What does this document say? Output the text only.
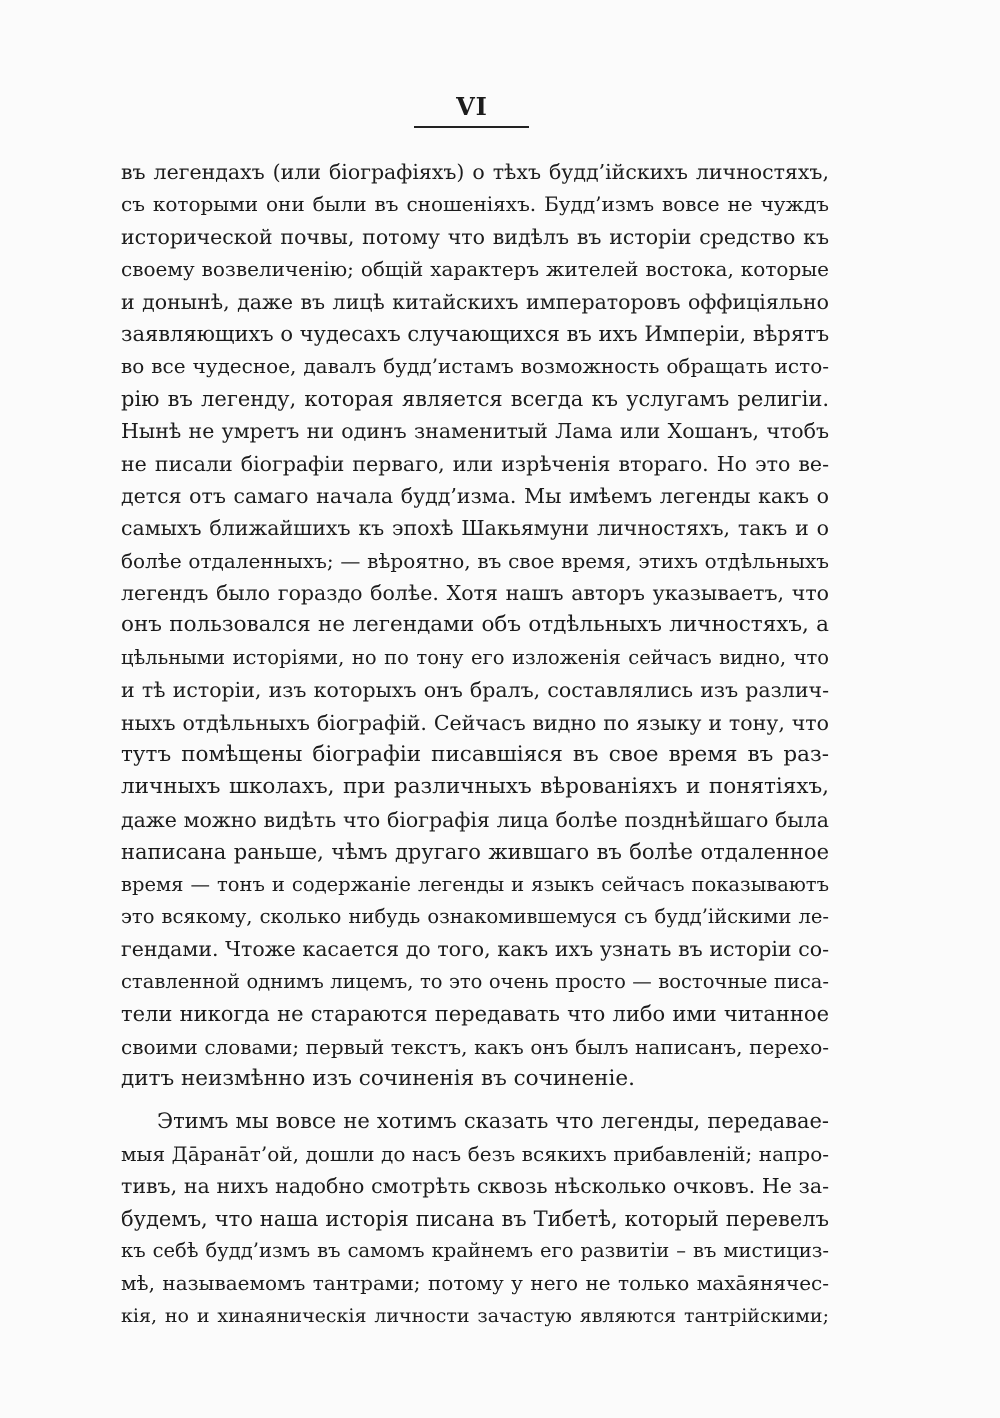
VI
въ легендахъ (или біографіяхъ) о тѣхъ будд’ійскихъ личностяхъ,
съ которыми они были въ сношеніяхъ. Будд’измъ вовсе не чуждъ
исторической почвы, потому что видѣлъ въ исторіи средство къ
своему возвеличенію; общій характеръ жителей востока, которые
и донынѣ, даже въ лицѣ китайскихъ императоровъ оффиціяльно
заявляющихъ о чудесахъ случающихся въ ихъ Имперіи, вѣрятъ
во все чудесное, давалъ будд’истамъ возможность обращать исто-
рію въ легенду, которая является всегда къ услугамъ религіи.
Нынѣ не умретъ ни одинъ знаменитый Лама или Хошанъ, чтобъ
не писали біографіи перваго, или изрѣченія втораго. Но это ве-
дется отъ самаго начала будд’изма. Мы имѣемъ легенды какъ о
самыхъ ближайшихъ къ эпохѣ Шакьямуни личностяхъ, такъ и о
болѣе отдаленныхъ; — вѣроятно, въ свое время, этихъ отдѣльныхъ
легендъ было гораздо болѣе. Хотя нашъ авторъ указываетъ, что
онъ пользовался не легендами объ отдѣльныхъ личностяхъ, а
цѣльными исторіями, но по тону его изложенія сейчасъ видно, что
и тѣ исторіи, изъ которыхъ онъ бралъ, составлялись изъ различ-
ныхъ отдѣльныхъ біографій. Сейчасъ видно по языку и тону, что
тутъ помѣщены біографіи писавшіяся въ свое время въ раз-
личныхъ школахъ, при различныхъ вѣрованіяхъ и понятіяхъ,
даже можно видѣть что біографія лица болѣе позднѣйшаго была
написана раньше, чѣмъ другаго жившаго въ болѣе отдаленное
время — тонъ и содержаніе легенды и языкъ сейчасъ показываютъ
это всякому, сколько нибудь ознакомившемуся съ будд’ійскими ле-
гендами. Чтоже касается до того, какъ ихъ узнать въ исторіи со-
ставленной однимъ лицемъ, то это очень просто — восточные писа-
тели никогда не стараются передавать что либо ими читанное
своими словами; первый текстъ, какъ онъ былъ написанъ, перехо-
дитъ неизмѣнно изъ сочиненія въ сочиненіе.
Этимъ мы вовсе не хотимъ сказать что легенды, передавае-
мыя Дāранāт’ой, дошли до насъ безъ всякихъ прибавленій; напро-
тивъ, на нихъ надобно смотрѣть сквозь нѣсколько очковъ. Не за-
будемъ, что наша исторія писана въ Тибетѣ, который перевелъ
къ себѣ будд’измъ въ самомъ крайнемъ его развитіи – въ мистициз-
мѣ, называемомъ тантрами; потому у него не только махāянячес-
кія, но и хинаяническія личности зачастую являются тантрійскими;
